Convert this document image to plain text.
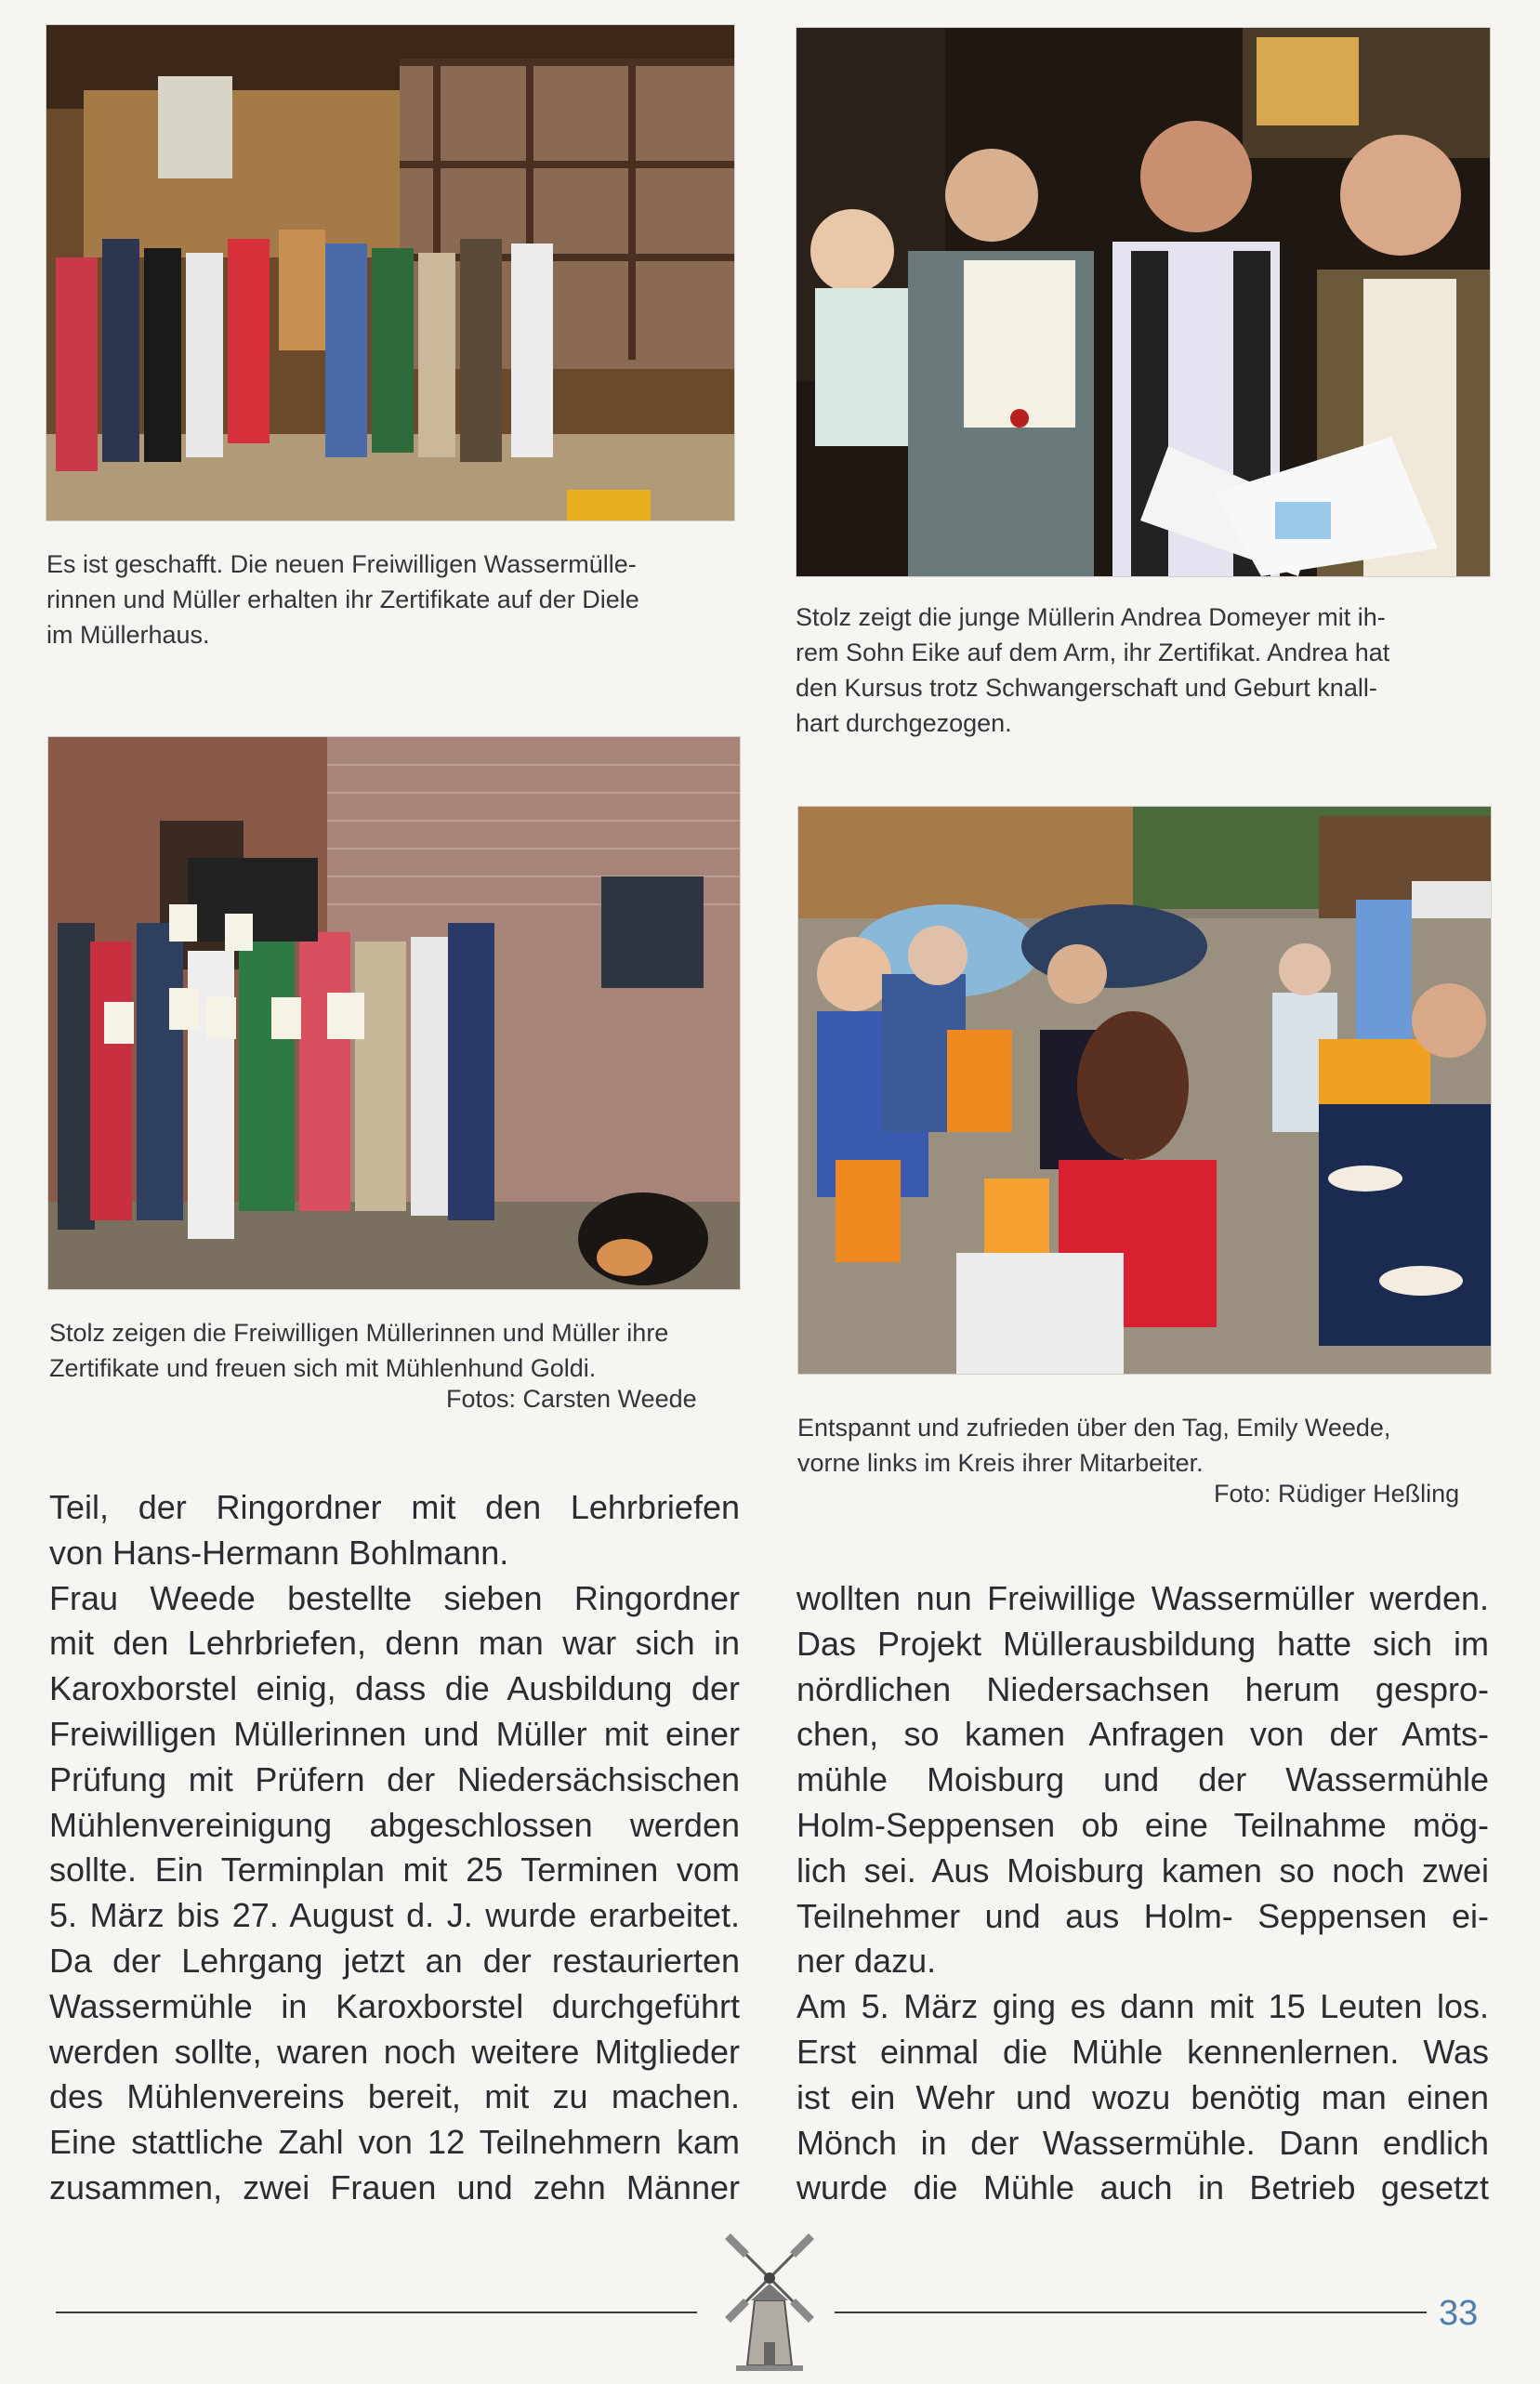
Es ist geschafft. Die neuen Freiwilligen Wassermülle-
rinnen und Müller erhalten ihr Zertifikate auf der Diele
im Müllerhaus.
Stolz zeigt die junge Müllerin Andrea Domeyer mit ih-
rem Sohn Eike auf dem Arm, ihr Zertifikat. Andrea hat
den Kursus trotz Schwangerschaft und Geburt knall-
hart durchgezogen.
Stolz zeigen die Freiwilligen Müllerinnen und Müller ihre
Zertifikate und freuen sich mit Mühlenhund Goldi.
Fotos: Carsten Weede
Entspannt und zufrieden über den Tag, Emily Weede,
vorne links im Kreis ihrer Mitarbeiter.
Foto: Rüdiger Heßling
Teil, der Ringordner mit den Lehrbriefen
von Hans-Hermann Bohlmann.
Frau Weede bestellte sieben Ringordner
mit den Lehrbriefen, denn man war sich in
Karoxborstel einig, dass die Ausbildung der
Freiwilligen Müllerinnen und Müller mit einer
Prüfung mit Prüfern der Niedersächsischen
Mühlenvereinigung abgeschlossen werden
sollte. Ein Terminplan mit 25 Terminen vom
5. März bis 27. August d. J. wurde erarbeitet.
Da der Lehrgang jetzt an der restaurierten
Wassermühle in Karoxborstel durchgeführt
werden sollte, waren noch weitere Mitglieder
des Mühlenvereins bereit, mit zu machen.
Eine stattliche Zahl von 12 Teilnehmern kam
zusammen, zwei Frauen und zehn Männer
wollten nun Freiwillige Wassermüller werden.
Das Projekt Müllerausbildung hatte sich im
nördlichen Niedersachsen herum gespro-
chen, so kamen Anfragen von der Amts-
mühle Moisburg und der Wassermühle
Holm-Seppensen ob eine Teilnahme mög-
lich sei. Aus Moisburg kamen so noch zwei
Teilnehmer und aus Holm- Seppensen ei-
ner dazu.
Am 5. März ging es dann mit 15 Leuten los.
Erst einmal die Mühle kennenlernen. Was
ist ein Wehr und wozu benötig man einen
Mönch in der Wassermühle. Dann endlich
wurde die Mühle auch in Betrieb gesetzt
33
